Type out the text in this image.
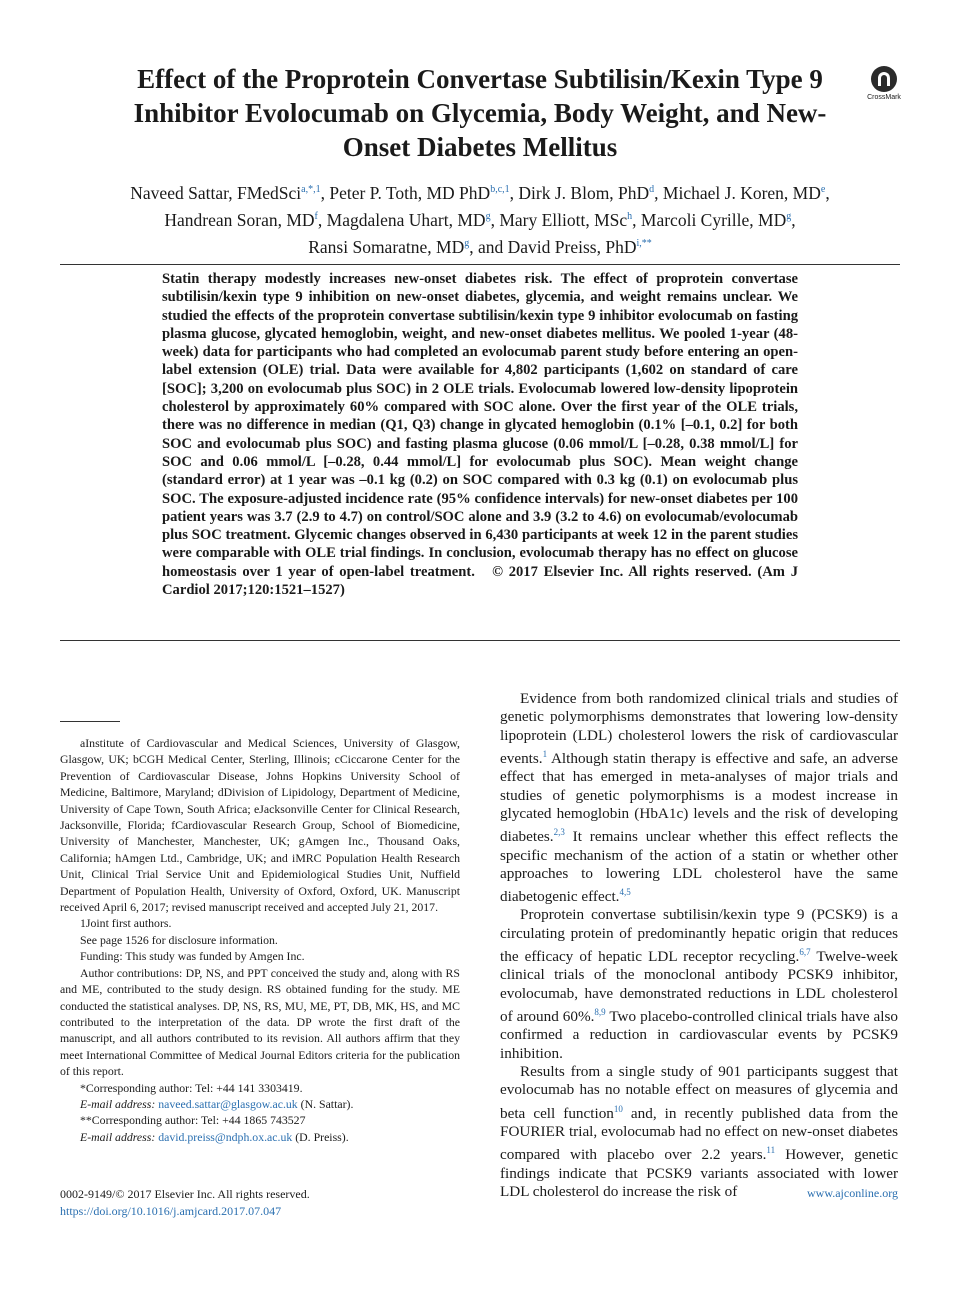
Effect of the Proprotein Convertase Subtilisin/Kexin Type 9 Inhibitor Evolocumab on Glycemia, Body Weight, and New-Onset Diabetes Mellitus
CrossMark
Naveed Sattar, FMedSci$^{a,*,1}$, Peter P. Toth, MD PhD$^{b,c,1}$, Dirk J. Blom, PhD$^d$, Michael J. Koren, MDe,
Handrean Soran, $MD^f$, Magdalena Uhart, $MD^g$, Mary Elliott, MSc$^h$, Marcoli Cyrille, $MD^g$,
Ransi Somaratne, $MD^g$, and David Preiss, PhD$^{i,**}$
Statin therapy modestly increases new-onset diabetes risk. The effect of proprotein convertase subtilisin/kexin type 9 inhibition on new-onset diabetes, glycemia, and weight remains unclear. We studied the effects of the proprotein convertase subtilisin/kexin type 9 inhibitor evolocumab on fasting plasma glucose, glycated hemoglobin, weight, and new-onset diabetes mellitus. We pooled 1-year (48-week) data for participants who had completed an evolocumab parent study before entering an open-label extension (OLE) trial. Data were available for 4,802 participants (1,602 on standard of care [SOC]; 3,200 on evolocumab plus SOC) in 2 OLE trials. Evolocumab lowered low-density lipoprotein cholesterol by approximately 60% compared with SOC alone. Over the first year of the OLE trials, there was no difference in median (Q1, Q3) change in glycated hemoglobin (0.1% [–0.1, 0.2] for both SOC and evolocumab plus SOC) and fasting plasma glucose (0.06 mmol/L [–0.28, 0.38 mmol/L] for SOC and 0.06 mmol/L [–0.28, 0.44 mmol/L] for evolocumab plus SOC). Mean weight change (standard error) at 1 year was –0.1 kg (0.2) on SOC compared with 0.3 kg (0.1) on evolocumab plus SOC. The exposure-adjusted incidence rate (95% confidence intervals) for new-onset diabetes per 100 patient years was 3.7 (2.9 to 4.7) on control/SOC alone and 3.9 (3.2 to 4.6) on evolocumab/evolocumab plus SOC treatment. Glycemic changes observed in 6,430 participants at week 12 in the parent studies were comparable with OLE trial findings. In conclusion, evolocumab therapy has no effect on glucose homeostasis over 1 year of open-label treatment.   © 2017 Elsevier Inc. All rights reserved. (Am J Cardiol 2017;120:1521–1527)

aInstitute of Cardiovascular and Medical Sciences, University of Glasgow, Glasgow, UK; bCGH Medical Center, Sterling, Illinois; cCiccarone Center for the Prevention of Cardiovascular Disease, Johns Hopkins University School of Medicine, Baltimore, Maryland; dDivision of Lipidology, Department of Medicine, University of Cape Town, South Africa; eJacksonville Center for Clinical Research, Jacksonville, Florida; fCardiovascular Research Group, School of Biomedicine, University of Manchester, Manchester, UK; gAmgen Inc., Thousand Oaks, California; hAmgen Ltd., Cambridge, UK; and iMRC Population Health Research Unit, Clinical Trial Service Unit and Epidemiological Studies Unit, Nuffield Department of Population Health, University of Oxford, Oxford, UK. Manuscript received April 6, 2017; revised manuscript received and accepted July 21, 2017.

1Joint first authors.

See page 1526 for disclosure information.

Funding: This study was funded by Amgen Inc.

Author contributions: DP, NS, and PPT conceived the study and, along with RS and ME, contributed to the study design. RS obtained funding for the study. ME conducted the statistical analyses. DP, NS, RS, MU, ME, PT, DB, MK, HS, and MC contributed to the interpretation of the data. DP wrote the first draft of the manuscript, and all authors contributed to its revision. All authors affirm that they meet International Committee of Medical Journal Editors criteria for the publication of this report.

*Corresponding author: Tel: +44 141 3303419.

E-mail address: naveed.sattar@glasgow.ac.uk (N. Sattar).

**Corresponding author: Tel: +44 1865 743527

E-mail address: david.preiss@ndph.ox.ac.uk (D. Preiss).

Evidence from both randomized clinical trials and studies of genetic polymorphisms demonstrates that lowering low-density lipoprotein (LDL) cholesterol lowers the risk of cardiovascular events.$^1$ Although statin therapy is effective and safe, an adverse effect that has emerged in meta-analyses of major trials and studies of genetic polymorphisms is a modest increase in glycated hemoglobin (HbA1c) levels and the risk of developing diabetes.$^{2,3}$ It remains unclear whether this effect reflects the specific mechanism of the action of a statin or whether other approaches to lowering LDL cholesterol have the same diabetogenic effect.$^{4,5}$

Proprotein convertase subtilisin/kexin type 9 (PCSK9) is a circulating protein of predominantly hepatic origin that reduces the efficacy of hepatic LDL receptor recycling.$^{6,7}$ Twelve-week clinical trials of the monoclonal antibody PCSK9 inhibitor, evolocumab, have demonstrated reductions in LDL cholesterol of around 60%.$^{8,9}$ Two placebo-controlled clinical trials have also confirmed a reduction in cardiovascular events by PCSK9 inhibition.

Results from a single study of 901 participants suggest that evolocumab has no notable effect on measures of glycemia and beta cell function$^{10}$ and, in recently published data from the FOURIER trial, evolocumab had no effect on new-onset diabetes compared with placebo over 2.2 years.$^{11}$ However, genetic findings indicate that PCSK9 variants associated with lower LDL cholesterol do increase the risk of

0002-9149/© 2017 Elsevier Inc. All rights reserved.
https://doi.org/10.1016/j.amjcard.2017.07.047
www.ajconline.org
